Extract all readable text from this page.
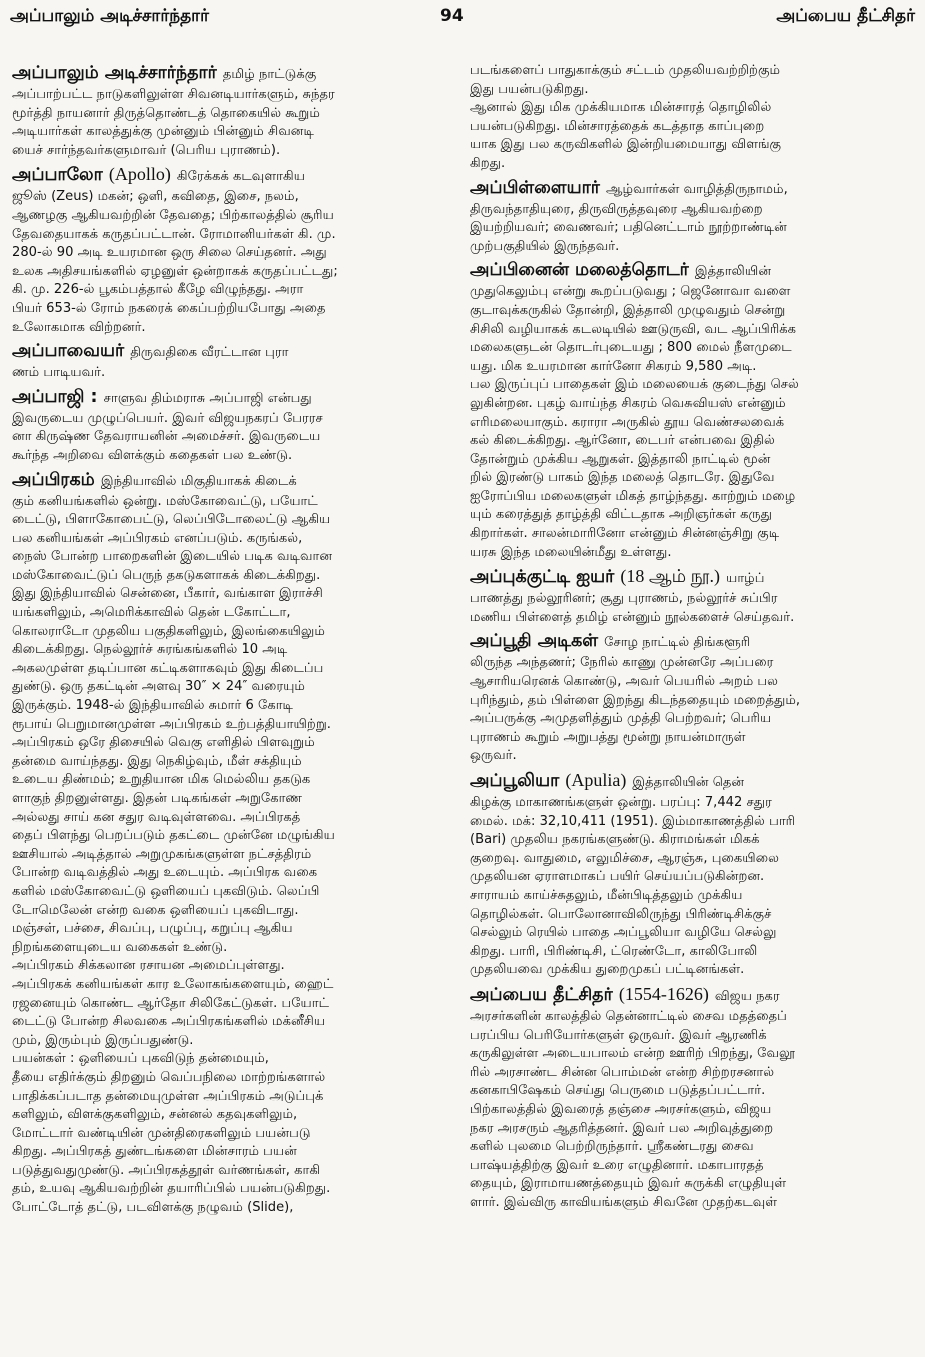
அப்பாலும் அடிச்சார்ந்தார்	94	அப்பைய தீட்சிதர்
அப்பாலும் அடிச்சார்ந்தார் தமிழ் நாட்டுக்கு
அப்பாற்பட்ட நாடுகளிலுள்ள சிவனடியார்களும், சுந்தர
மூர்த்தி நாயனார் திருத்தொண்டத் தொகையில் கூறும்
அடியார்கள் காலத்துக்கு முன்னும் பின்னும் சிவனடி
யைச் சார்ந்தவர்களுமாவர் (பெரிய புராணம்).
அப்பாலோ (Apollo) கிரேக்கக் கடவுளாகிய
ஜூஸ் (Zeus) மகன்; ஒளி, கவிதை, இசை, நலம்,
ஆணழகு ஆகியவற்றின் தேவதை; பிற்காலத்தில் சூரிய
தேவதையாகக் கருதப்பட்டான். ரோமானியர்கள் கி. மு.
280-ல் 90 அடி உயரமான ஒரு சிலை செய்தனர். அது
உலக அதிசயங்களில் ஏழனுள் ஒன்றாகக் கருதப்பட்டது;
கி. மு. 226-ல் பூகம்பத்தால் கீழே விழுந்தது. அரா
பியர் 653-ல் ரோம் நகரைக் கைப்பற்றியபோது அதை
உலோகமாக விற்றனர்.
அப்பாவையர் திருவதிகை வீரட்டான புரா
ணம் பாடியவர்.
அப்பாஜி : சாளுவ திம்மராசு அப்பாஜி என்பது
இவருடைய முழுப்பெயர். இவர் விஜயநகரப் பேரரச
னா கிருஷ்ண தேவராயனின் அமைச்சர். இவருடைய
கூர்ந்த அறிவை விளக்கும் கதைகள் பல உண்டு.
அப்பிரகம் இந்தியாவில் மிகுதியாகக் கிடைக்
கும் கனியங்களில் ஒன்று. மஸ்கோவைட்டு, பயோட்
டைட்டு, பிளாகோபைட்டு, லெப்பிடோலைட்டு ஆகிய
பல கனியங்கள் அப்பிரகம் எனப்படும். கருங்கல்,
நைஸ் போன்ற பாறைகளின் இடையில் படிக வடிவான
மஸ்கோவைட்டுப் பெருந் தகடுகளாகக் கிடைக்கிறது.
இது இந்தியாவில் சென்னை, பீகார், வங்காள இராச்சி
யங்களிலும், அமெரிக்காவில் தென் டகோட்டா,
கொலராடோ முதலிய பகுதிகளிலும், இலங்கையிலும்
கிடைக்கிறது. நெல்லூர்ச் சுரங்கங்களில் 10 அடி
அகலமுள்ள தடிப்பான கட்டிகளாகவும் இது கிடைப்ப
துண்டு. ஒரு தகட்டின் அளவு 30″ × 24″ வரையும்
இருக்கும். 1948-ல் இந்தியாவில் சுமார் 6 கோடி
ரூபாய் பெறுமானமுள்ள அப்பிரகம் உற்பத்தியாயிற்று.
அப்பிரகம் ஒரே திசையில் வெகு எளிதில் பிளவுறும்
தன்மை வாய்ந்தது. இது நெகிழ்வும், மீள் சக்தியும்
உடைய திண்மம்; உறுதியான மிக மெல்லிய தகடுக
ளாகுந் திறனுள்ளது. இதன் படிகங்கள் அறுகோண
அல்லது சாய் கன சதுர வடிவுள்ளவை. அப்பிரகத்
தைப் பிளந்து பெறப்படும் தகட்டை முன்னே மழுங்கிய
ஊசியால் அடித்தால் அறுமுகங்களுள்ள நட்சத்திரம்
போன்ற வடிவத்தில் அது உடையும். அப்பிரக வகை
களில் மஸ்கோவைட்டு ஒளியைப் புகவிடும். லெப்பி
டோமெலேன் என்ற வகை ஒளியைப் புகவிடாது.
மஞ்சள், பச்சை, சிவப்பு, பழுப்பு, கறுப்பு ஆகிய
நிறங்களையுடைய வகைகள் உண்டு.
அப்பிரகம் சிக்கலான ரசாயன அமைப்புள்ளது.
அப்பிரகக் கனியங்கள் கார உலோகங்களையும், ஹைட்
ரஜனையும் கொண்ட ஆர்தோ சிலிகேட்டுகள். பயோட்
டைட்டு போன்ற சிலவகை அப்பிரகங்களில் மக்னீசிய
மும், இரும்பும் இருப்பதுண்டு.
பயன்கள் : ஒளியைப் புகவிடுந் தன்மையும்,
தீயை எதிர்க்கும் திறனும் வெப்பநிலை மாற்றங்களால்
பாதிக்கப்படாத தன்மையுமுள்ள அப்பிரகம் அடுப்புக்
களிலும், விளக்குகளிலும், சன்னல் கதவுகளிலும்,
மோட்டார் வண்டியின் முன்திரைகளிலும் பயன்படு
கிறது. அப்பிரகத் துண்டங்களை மின்சாரம் பயன்
படுத்துவதுமுண்டு. அப்பிரகத்தூள் வர்ணங்கள், காகி
தம், உயவு ஆகியவற்றின் தயாரிப்பில் பயன்படுகிறது.
போட்டோத் தட்டு, படவிளக்கு நழுவம் (Slide),
படங்களைப் பாதுகாக்கும் சட்டம் முதலியவற்றிற்கும்
இது பயன்படுகிறது.
ஆனால் இது மிக முக்கியமாக மின்சாரத் தொழிலில்
பயன்படுகிறது. மின்சாரத்தைக் கடத்தாத காப்புறை
யாக இது பல கருவிகளில் இன்றியமையாது விளங்கு
கிறது.
அப்பிள்ளையார் ஆழ்வார்கள் வாழித்திருநாமம்,
திருவந்தாதியுரை, திருவிருத்தவுரை ஆகியவற்றை
இயற்றியவர்; வைணவர்; பதினெட்டாம் நூற்றாண்டின்
முற்பகுதியில் இருந்தவர்.
அப்பினைன் மலைத்தொடர் இத்தாலியின்
முதுகெலும்பு என்று கூறப்படுவது ; ஜெனோவா வளை
குடாவுக்கருகில் தோன்றி, இத்தாலி முழுவதும் சென்று
சிசிலி வழியாகக் கடலடியில் ஊடுருவி, வட ஆப்பிரிக்க
மலைகளுடன் தொடர்புடையது ; 800 மைல் நீளமுடை
யது. மிக உயரமான கார்னோ சிகரம் 9,580 அடி.
பல இருப்புப் பாதைகள் இம் மலையைக் குடைந்து செல்
லுகின்றன. புகழ் வாய்ந்த சிகரம் வெசுவியஸ் என்னும்
எரிமலையாகும். கராரா அருகில் தூய வெண்சலவைக்
கல் கிடைக்கிறது. ஆர்னோ, டைபர் என்பவை இதில்
தோன்றும் முக்கிய ஆறுகள். இத்தாலி நாட்டில் மூன்
றில் இரண்டு பாகம் இந்த மலைத் தொடரே. இதுவே
ஐரோப்பிய மலைகளுள் மிகத் தாழ்ந்தது. காற்றும் மழை
யும் கரைத்துத் தாழ்த்தி விட்டதாக அறிஞர்கள் கருது
கிறார்கள். சாலன்மாரினோ என்னும் சின்னஞ்சிறு குடி
யரசு இந்த மலையின்மீது உள்ளது.
அப்புக்குட்டி ஐயர் (18 ஆம் நூ.) யாழ்ப்
பாணத்து நல்லூரினர்; சூது புராணம், நல்லூர்ச் சுப்பிர
மணிய பிள்ளைத் தமிழ் என்னும் நூல்களைச் செய்தவர்.
அப்பூதி அடிகள் சோழ நாட்டில் திங்களூரி
லிருந்த அந்தணர்; நேரில் காணு முன்னரே அப்பரை
ஆசாரியரெனக் கொண்டு, அவர் பெயரில் அறம் பல
புரிந்தும், தம் பிள்ளை இறந்து கிடந்ததையும் மறைத்தும்,
அப்பருக்கு அமுதளித்தும் முத்தி பெற்றவர்; பெரிய
புராணம் கூறும் அறுபத்து மூன்று நாயன்மாருள்
ஒருவர்.
அப்பூலியா (Apulia) இத்தாலியின் தென்
கிழக்கு மாகாணங்களுள் ஒன்று. பரப்பு: 7,442 சதுர
மைல். மக்: 32,10,411 (1951). இம்மாகாணத்தில் பாரி
(Bari) முதலிய நகரங்களுண்டு. கிராமங்கள் மிகக்
குறைவு. வாதுமை, எலுமிச்சை, ஆரஞ்சு, புகையிலை
முதலியன ஏராளமாகப் பயிர் செய்யப்படுகின்றன.
சாராயம் காய்ச்சுதலும், மீன்பிடித்தலும் முக்கிய
தொழில்கள். பொலோனாவிலிருந்து பிரிண்டிசிக்குச்
செல்லும் ரெயில் பாதை அப்பூலியா வழியே செல்லு
கிறது. பாரி, பிரிண்டிசி, ட்ரெண்டோ, காலிபோலி
முதலியவை முக்கிய துறைமுகப் பட்டினங்கள்.
அப்பைய தீட்சிதர் (1554-1626) விஜய நகர
அரசர்களின் காலத்தில் தென்னாட்டில் சைவ மதத்தைப்
பரப்பிய பெரியோர்களுள் ஒருவர். இவர் ஆரணிக்
கருகிலுள்ள அடையபாலம் என்ற ஊரிற் பிறந்து, வேலூ
ரில் அரசாண்ட சின்ன பொம்மன் என்ற சிற்றரசனால்
கனகாபிஷேகம் செய்து பெருமை படுத்தப்பட்டார்.
பிற்காலத்தில் இவரைத் தஞ்சை அரசர்களும், விஜய
நகர அரசரும் ஆதரித்தனர். இவர் பல அறிவுத்துறை
களில் புலமை பெற்றிருந்தார். ஸ்ரீகண்டரது சைவ
பாஷ்யத்திற்கு இவர் உரை எழுதினார். மகாபாரதத்
தையும், இராமாயணத்தையும் இவர் சுருக்கி எழுதியுள்
ளார். இவ்விரு காவியங்களும் சிவனே முதற்கடவுள்
